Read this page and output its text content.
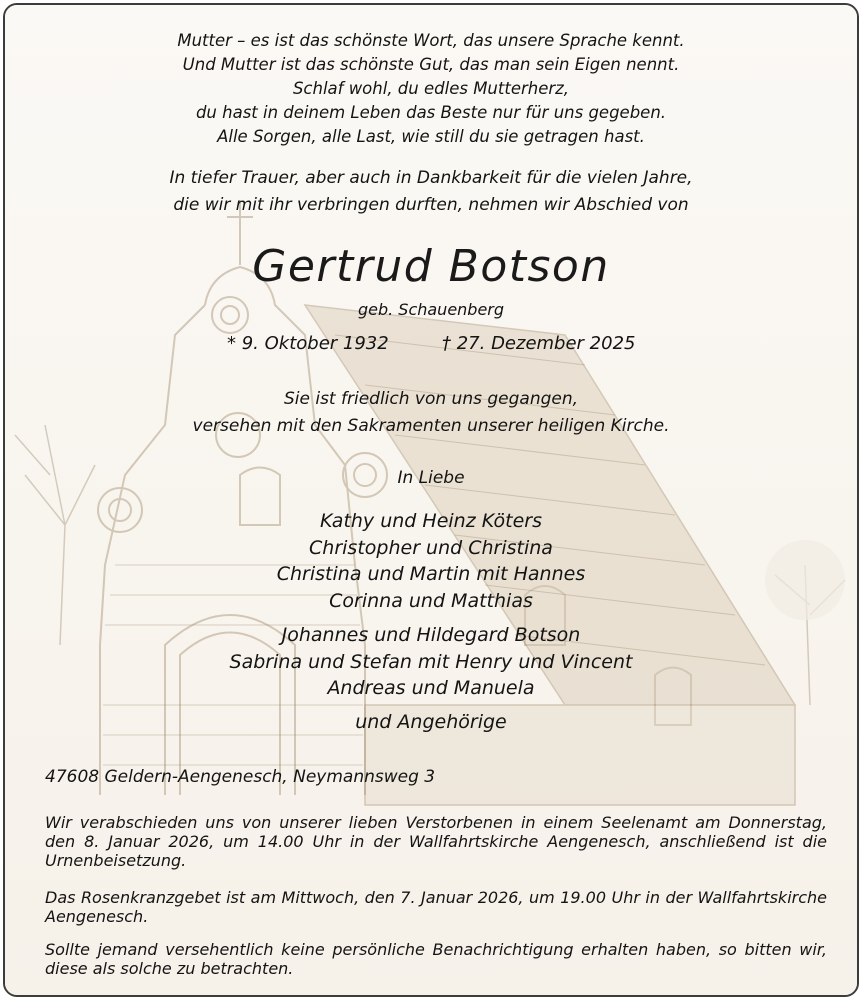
Mutter – es ist das schönste Wort, das unsere Sprache kennt.
Und Mutter ist das schönste Gut, das man sein Eigen nennt.
Schlaf wohl, du edles Mutterherz,
du hast in deinem Leben das Beste nur für uns gegeben.
Alle Sorgen, alle Last, wie still du sie getragen hast.
In tiefer Trauer, aber auch in Dankbarkeit für die vielen Jahre,
die wir mit ihr verbringen durften, nehmen wir Abschied von
Gertrud Botson
geb. Schauenberg
* 9. Oktober 1932	† 27. Dezember 2025
Sie ist friedlich von uns gegangen,
versehen mit den Sakramenten unserer heiligen Kirche.
In Liebe
Kathy und Heinz Köters
Christopher und Christina
Christina und Martin mit Hannes
Corinna und Matthias
Johannes und Hildegard Botson
Sabrina und Stefan mit Henry und Vincent
Andreas und Manuela
und Angehörige
47608 Geldern-Aengenesch, Neymannsweg 3
Wir verabschieden uns von unserer lieben Verstorbenen in einem Seelenamt am Donnerstag, den 8. Januar 2026, um 14.00 Uhr in der Wallfahrtskirche Aengenesch, anschließend ist die Urnenbeisetzung.
Das Rosenkranzgebet ist am Mittwoch, den 7. Januar 2026, um 19.00 Uhr in der Wallfahrtskirche Aengenesch.
Sollte jemand versehentlich keine persönliche Benachrichtigung erhalten haben, so bitten wir, diese als solche zu betrachten.
